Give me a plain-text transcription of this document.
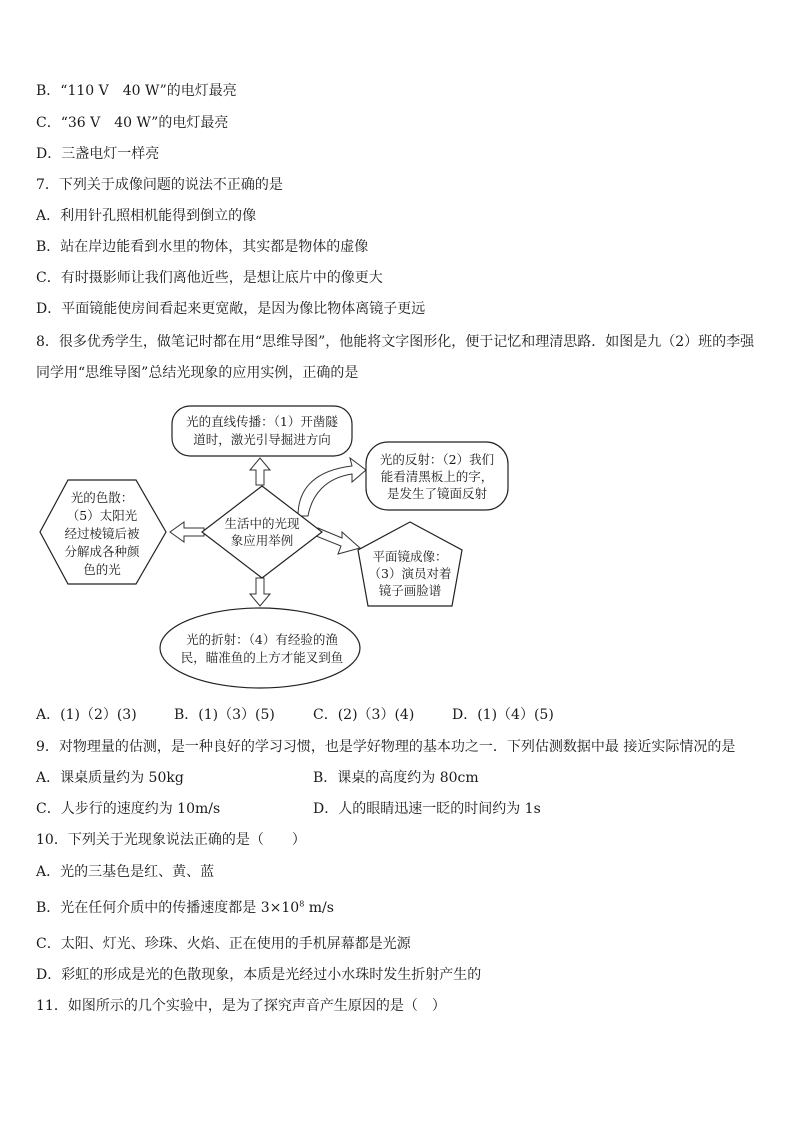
B．“110 V　40 W”的电灯最亮
C．“36 V　40 W”的电灯最亮
D．三盏电灯一样亮
7．下列关于成像问题的说法不正确的是
A．利用针孔照相机能得到倒立的像
B．站在岸边能看到水里的物体，其实都是物体的虚像
C．有时摄影师让我们离他近些，是想让底片中的像更大
D．平面镜能使房间看起来更宽敞，是因为像比物体离镜子更远
8．很多优秀学生，做笔记时都在用“思维导图”，他能将文字图形化，便于记忆和理清思路．如图是九（2）班的李强
同学用“思维导图”总结光现象的应用实例，正确的是
生活中的光现
象应用举例
光的直线传播：（1）开凿隧
道时，激光引导掘进方向
光的反射：（2）我们
能看清黑板上的字，
是发生了镜面反射
平面镜成像：
（3）演员对着
镜子画脸谱
光的色散：
（5）太阳光
经过棱镜后被
分解成各种颜
色的光
光的折射：（4）有经验的渔
民，瞄准鱼的上方才能叉到鱼
A．(1)（2）(3)	B．(1)（3）(5)	C．(2)（3）(4)	D．(1)（4）(5)
9．对物理量的估测，是一种良好的学习习惯，也是学好物理的基本功之一．下列估测数据中最 接近实际情况的是
A．课桌质量约为 50kg	B．课桌的高度约为 80cm
C．人步行的速度约为 10m/s	D．人的眼睛迅速一眨的时间约为 1s
10．下列关于光现象说法正确的是（　　）
A．光的三基色是红、黄、蓝
B．光在任何介质中的传播速度都是 $3\times 10^8$ m/s
C．太阳、灯光、珍珠、火焰、正在使用的手机屏幕都是光源
D．彩虹的形成是光的色散现象，本质是光经过小水珠时发生折射产生的
11．如图所示的几个实验中，是为了探究声音产生原因的是（　）
